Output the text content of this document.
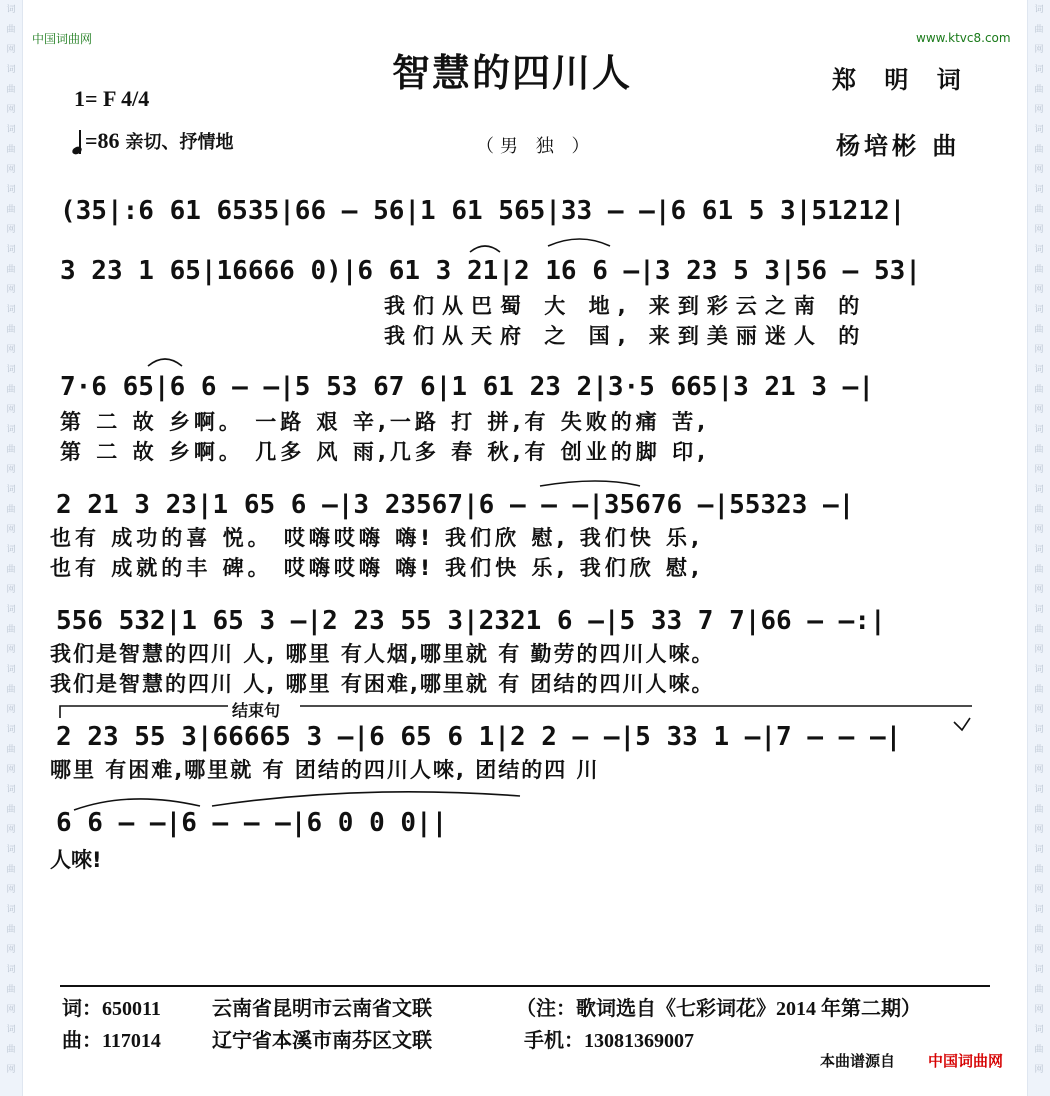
词
曲
网
词
曲
网
词
曲
网
词
曲
网
词
曲
网
词
曲
网
词
曲
网
词
曲
网
词
曲
网
词
曲
网
词
曲
网
词
曲
网
词
曲
网
词
曲
网
词
曲
网
词
曲
网
词
曲
网
词
曲
网
词
曲
网
词
曲
网
词
曲
网
词
曲
网
词
曲
网
词
曲
网
词
曲
网
词
曲
网
词
曲
网
词
曲
网
词
曲
网
词
曲
网
词
曲
网
词
曲
网
词
曲
网
词
曲
网
词
曲
网
词
曲
网
中国词曲网	www.ktvc8.com
智慧的四川人	郑 明 词
杨培彬 曲
1= F 4/4
=86 亲切、抒情地	（男 独 ）
(35|:6 61 6535|66 — 56|1 61 565|33 — —|6 61 5 3|51212|
3 23 1 65|16666 0)|6 61 3 21|2 16 6 —|3 23 5 3|56 — 53|
我们从巴蜀 大 地, 来到彩云之南 的
我们从天府 之 国, 来到美丽迷人 的
7·6 65|6 6 — —|5 53 67 6|1 61 23 2|3·5 665|3 21 3 —|
第 二 故 乡啊。 一路 艰 辛,一路 打 拼,有 失败的痛 苦,
第 二 故 乡啊。 几多 风 雨,几多 春 秋,有 创业的脚 印,
2 21 3 23|1 65 6 —|3 23567|6 — — —|35676 —|55323 —|
也有 成功的喜 悦。 哎嗨哎嗨 嗨! 我们欣 慰, 我们快 乐,
也有 成就的丰 碑。 哎嗨哎嗨 嗨! 我们快 乐, 我们欣 慰,
556 532|1 65 3 —|2 23 55 3|2321 6 —|5 33 7 7|66 — —:|
我们是智慧的四川 人, 哪里 有人烟,哪里就 有 勤劳的四川人唻。
我们是智慧的四川 人, 哪里 有困难,哪里就 有 团结的四川人唻。
结束句
2 23 55 3|66665 3 —|6 65 6 1|2 2 — —|5 33 1 —|7 — — —|
哪里 有困难,哪里就 有 团结的四川人唻, 团结的四 川
6 6 — —|6 — — —|6 0 0 0||
人唻!
词：650011	云南省昆明市云南省文联	（注：歌词选自《七彩词花》2014 年第二期）
曲：117014	辽宁省本溪市南芬区文联	手机：13081369007
本曲谱源自 中国词曲网
